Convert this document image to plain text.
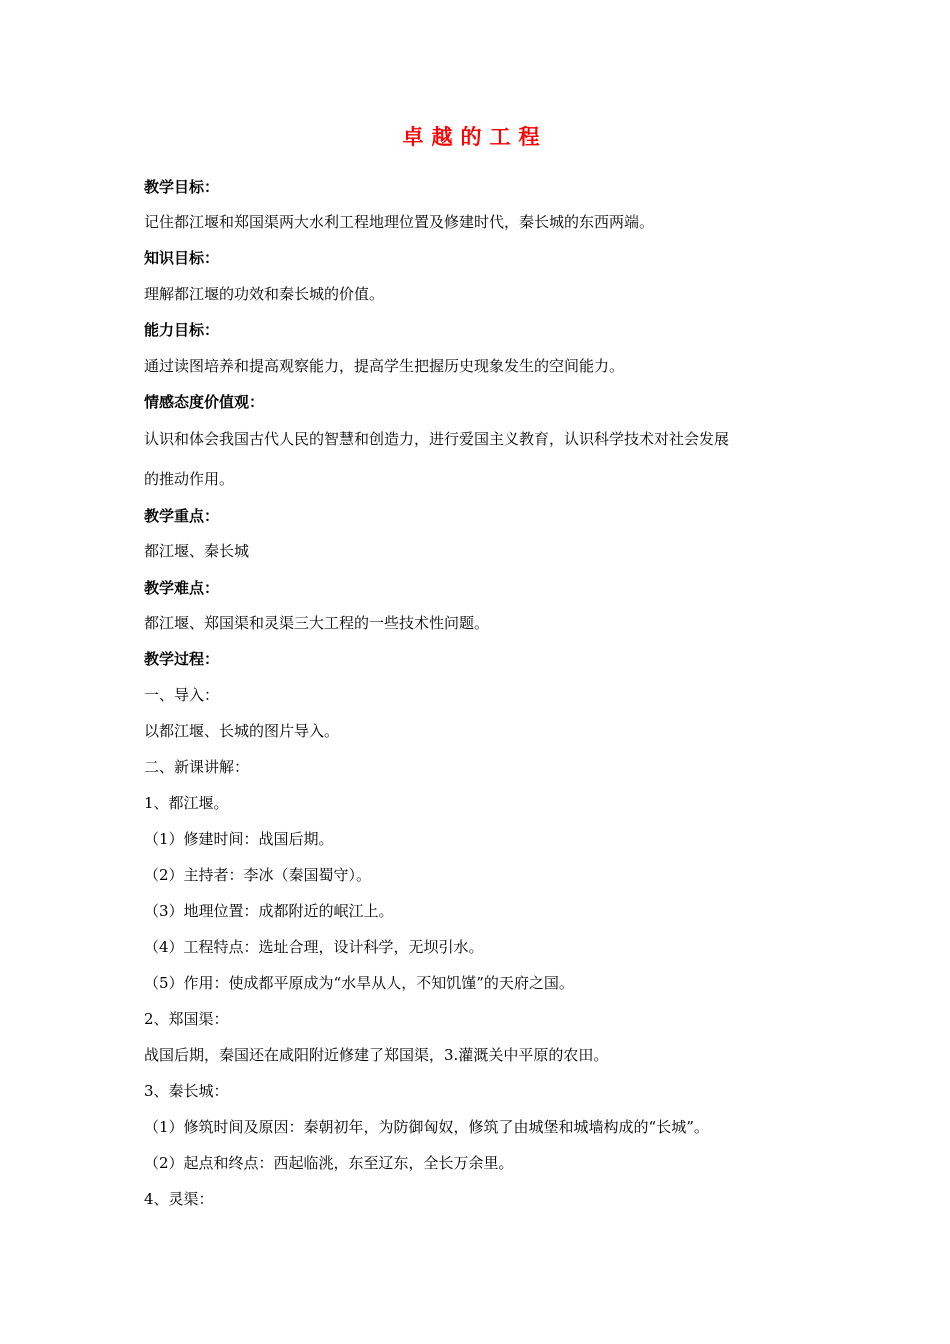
卓越的工程
教学目标：
记住都江堰和郑国渠两大水利工程地理位置及修建时代，秦长城的东西两端。
知识目标：
理解都江堰的功效和秦长城的价值。
能力目标：
通过读图培养和提高观察能力，提高学生把握历史现象发生的空间能力。
情感态度价值观：
认识和体会我国古代人民的智慧和创造力，进行爱国主义教育，认识科学技术对社会发展
的推动作用。
教学重点：
都江堰、秦长城
教学难点：
都江堰、郑国渠和灵渠三大工程的一些技术性问题。
教学过程：
一、导入：
以都江堰、长城的图片导入。
二、新课讲解：
1、都江堰。
（1）修建时间：战国后期。
（2）主持者：李冰（秦国蜀守）。
（3）地理位置：成都附近的岷江上。
（4）工程特点：选址合理，设计科学，无坝引水。
（5）作用：使成都平原成为“水旱从人，不知饥馑”的天府之国。
2、郑国渠：
战国后期，秦国还在咸阳附近修建了郑国渠，3.灌溉关中平原的农田。
3、秦长城：
（1）修筑时间及原因：秦朝初年，为防御匈奴，修筑了由城堡和城墙构成的“长城”。
（2）起点和终点：西起临洮，东至辽东，全长万余里。
4、灵渠：
